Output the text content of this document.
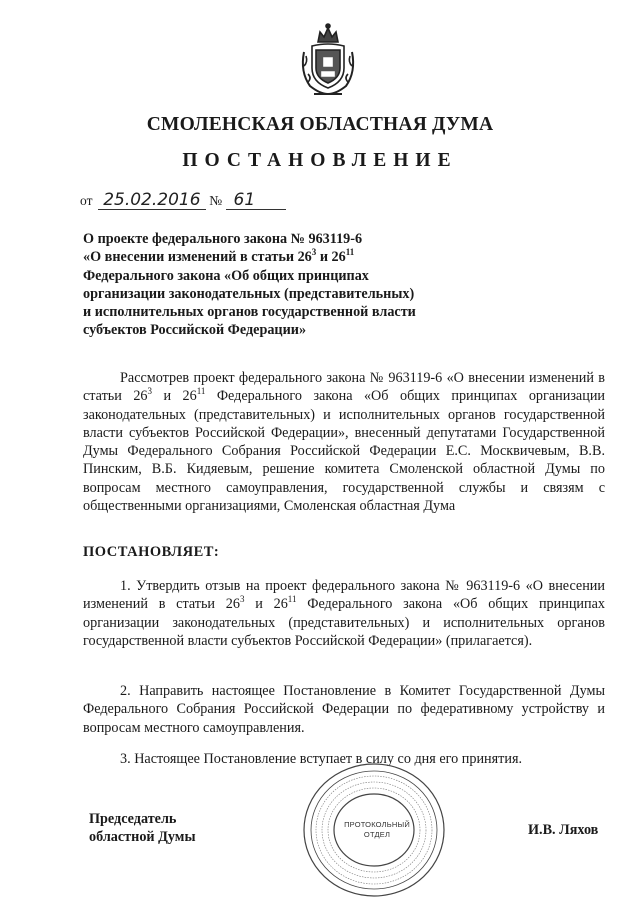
СМОЛЕНСКАЯ ОБЛАСТНАЯ ДУМА
ПОСТАНОВЛЕНИЕ
от 25.02.2016 № 61
О проекте федерального закона № 963119-6
«О внесении изменений в статьи $26^3$ и $26^{11}$
Федерального закона «Об общих принципах
организации законодательных (представительных)
и исполнительных органов государственной власти
субъектов Российской Федерации»
Рассмотрев проект федерального закона № 963119-6 «О внесении изменений в статьи $26^3$ и $26^{11}$ Федерального закона «Об общих принципах организации законодательных (представительных) и исполнительных органов государственной власти субъектов Российской Федерации», внесенный депутатами Государственной Думы Федерального Собрания Российской Федерации Е.С. Москвичевым, В.В. Пинским, В.Б. Кидяевым, решение комитета Смоленской областной Думы по вопросам местного самоуправления, государственной службы и связям с общественными организациями, Смоленская областная Дума
ПОСТАНОВЛЯЕТ:
1. Утвердить отзыв на проект федерального закона № 963119-6 «О внесении изменений в статьи $26^3$ и $26^{11}$ Федерального закона «Об общих принципах организации законодательных (представительных) и исполнительных органов государственной власти субъектов Российской Федерации» (прилагается).
2. Направить настоящее Постановление в Комитет Государственной Думы Федерального Собрания Российской Федерации по федеративному устройству и вопросам местного самоуправления.
3. Настоящее Постановление вступает в силу со дня его принятия.
Председатель
областной Думы	И.В. Ляхов
ПРОТОКОЛЬНЫЙ
ОТДЕЛ
